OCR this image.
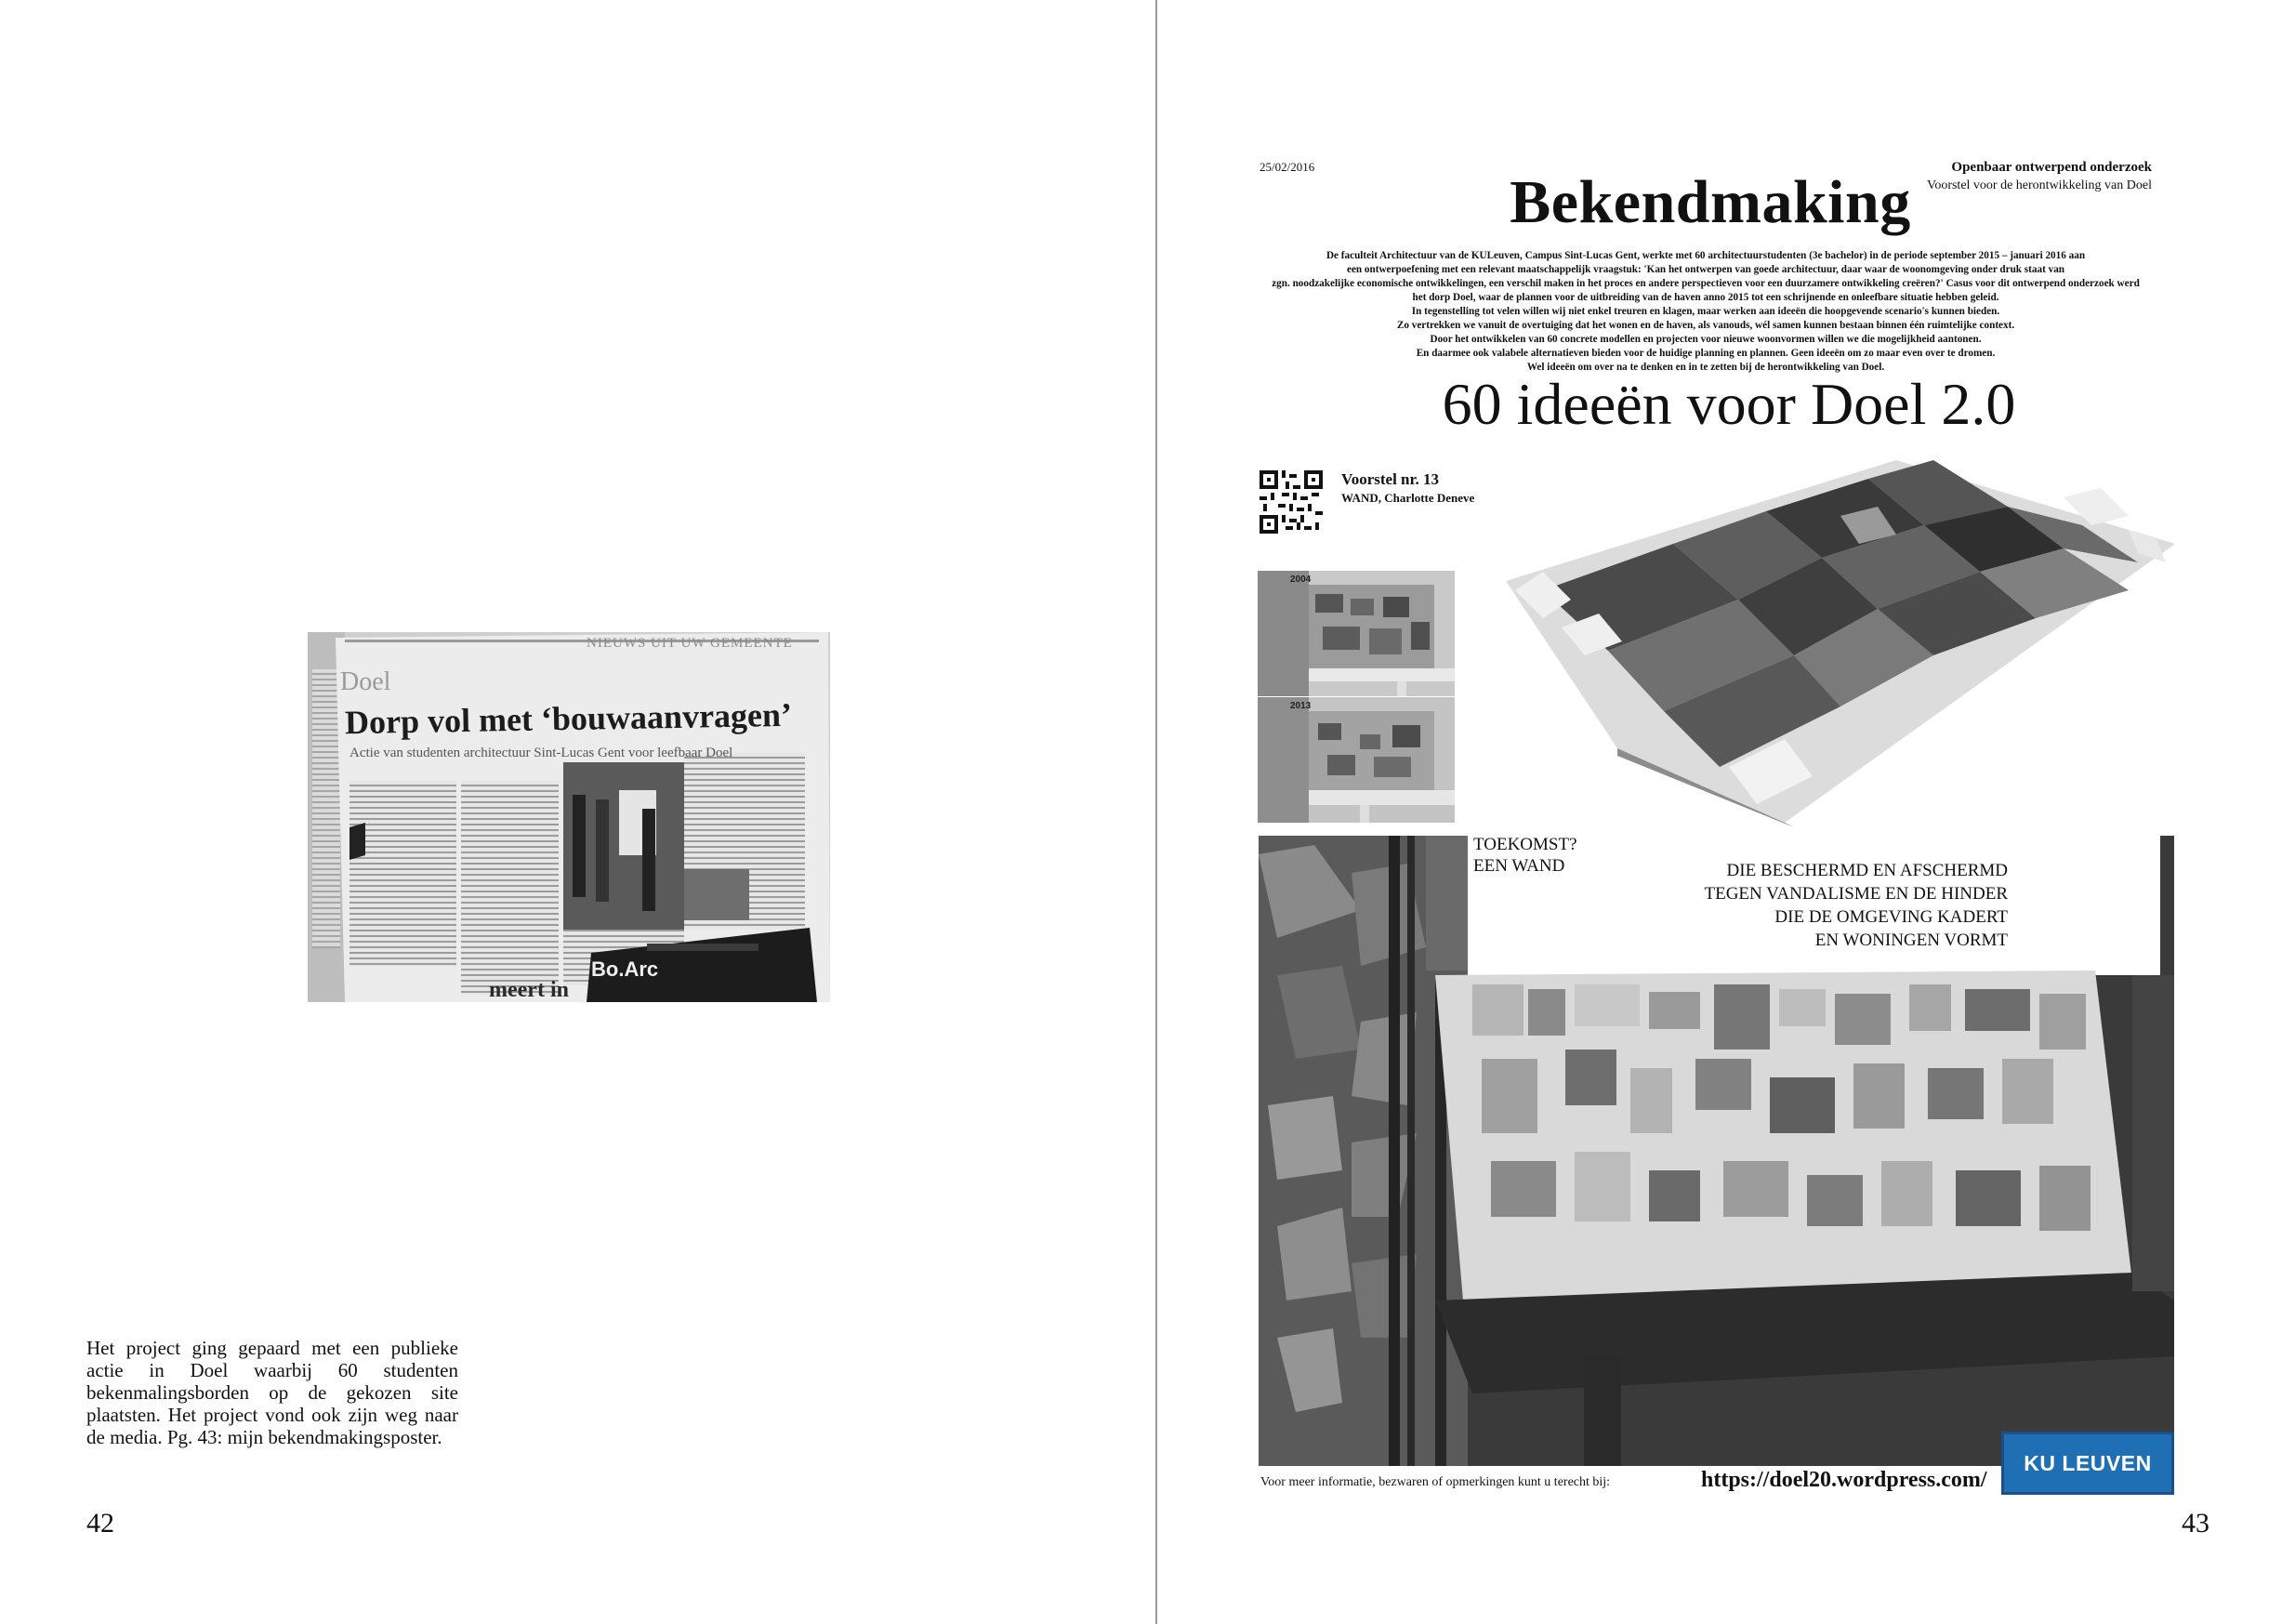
NIEUWS UIT UW GEMEENTE
Doel
Dorp vol met ‘bouwaanvragen’
Actie van studenten architectuur Sint-Lucas Gent voor leefbaar Doel
Bo.Arc
meert in
Het project ging gepaard met een publieke actie in Doel waarbij 60 studenten bekenmalingsborden op de gekozen site plaatsten. Het project vond ook zijn weg naar de media. Pg. 43: mijn bekendmakingsposter.
42
25/02/2016	Openbaar ontwerpend onderzoek
Voorstel voor de herontwikkeling van Doel
Bekendmaking
De faculteit Architectuur van de KULeuven, Campus Sint-Lucas Gent, werkte met 60 architectuurstudenten (3e bachelor) in de periode september 2015 – januari 2016 aan
een ontwerpoefening met een relevant maatschappelijk vraagstuk: 'Kan het ontwerpen van goede architectuur, daar waar de woonomgeving onder druk staat van
zgn. noodzakelijke economische ontwikkelingen, een verschil maken in het proces en andere perspectieven voor een duurzamere ontwikkeling creëren?' Casus voor dit ontwerpend onderzoek werd
het dorp Doel, waar de plannen voor de uitbreiding van de haven anno 2015 tot een schrijnende en onleefbare situatie hebben geleid.
In tegenstelling tot velen willen wij niet enkel treuren en klagen, maar werken aan ideeën die hoopgevende scenario's kunnen bieden.
Zo vertrekken we vanuit de overtuiging dat het wonen en de haven, als vanouds, wél samen kunnen bestaan binnen één ruimtelijke context.
Door het ontwikkelen van 60 concrete modellen en projecten voor nieuwe woonvormen willen we die mogelijkheid aantonen.
En daarmee ook valabele alternatieven bieden voor de huidige planning en plannen. Geen ideeën om zo maar even over te dromen.
Wel ideeën om over na te denken en in te zetten bij de herontwikkeling van Doel.
60 ideeën voor Doel 2.0
Voorstel nr. 13
WAND, Charlotte Deneve
2004
2013
TOEKOMST?
EEN WAND	DIE BESCHERMD EN AFSCHERMD
TEGEN VANDALISME EN DE HINDER
DIE DE OMGEVING KADERT
EN WONINGEN VORMT
Voor meer informatie, bezwaren of opmerkingen kunt u terecht bij:	https://doel20.wordpress.com/
KU LEUVEN
43
